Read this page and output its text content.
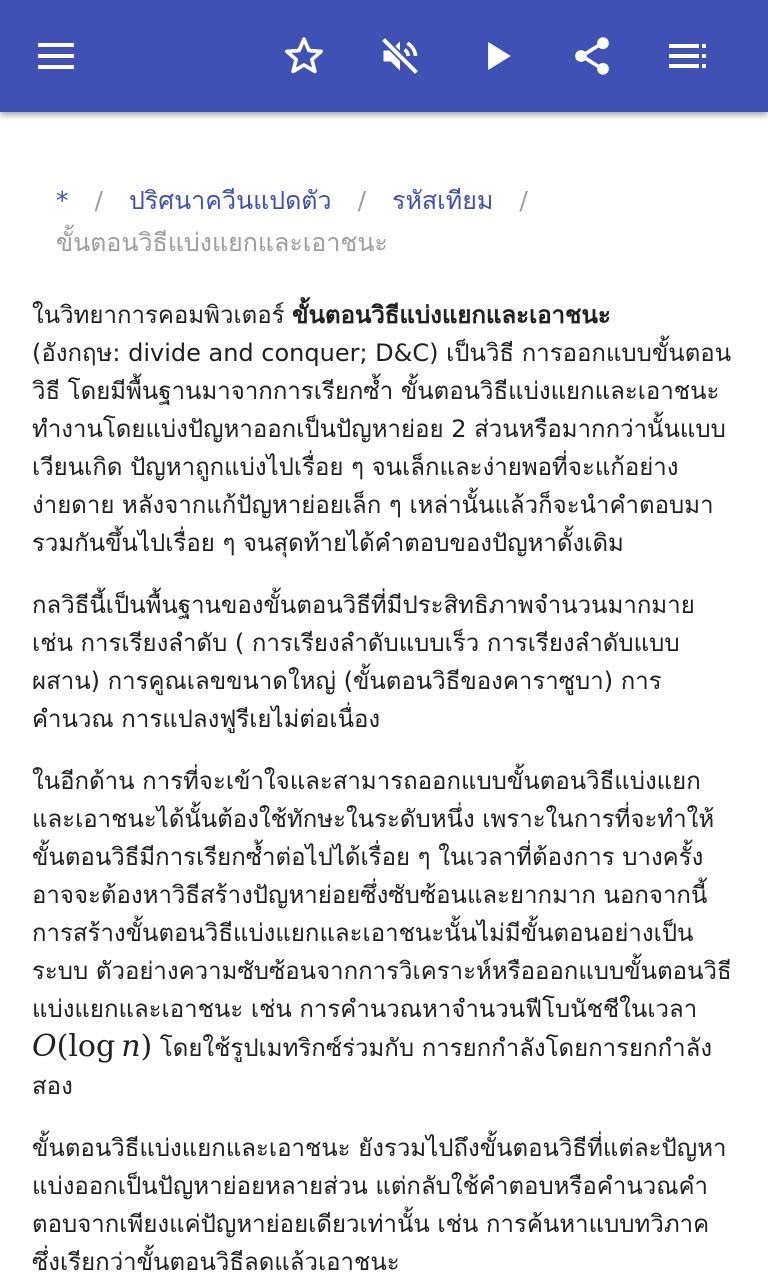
* / ปริศนาควีนแปดตัว / รหัสเทียม /
ขั้นตอนวิธีแบ่งแยกและเอาชนะ

ในวิทยาการคอมพิวเตอร์ ขั้นตอนวิธีแบ่งแยกและเอาชนะ
(อังกฤษ: divide and conquer; D&C) เป็นวิธี การออกแบบขั้นตอนวิธี โดยมีพื้นฐานมาจากการเรียกซ้ำ ขั้นตอนวิธีแบ่งแยกและเอาชนะทำงานโดยแบ่งปัญหาออกเป็นปัญหาย่อย 2 ส่วนหรือมากกว่านั้นแบบเวียนเกิด ปัญหาถูกแบ่งไปเรื่อย ๆ จนเล็กและง่ายพอที่จะแก้อย่างง่ายดาย หลังจากแก้ปัญหาย่อยเล็ก ๆ เหล่านั้นแล้วก็จะนำคำตอบมารวมกันขึ้นไปเรื่อย ๆ จนสุดท้ายได้คำตอบของปัญหาดั้งเดิม

กลวิธีนี้เป็นพื้นฐานของขั้นตอนวิธีที่มีประสิทธิภาพจำนวนมากมาย เช่น การเรียงลำดับ ( การเรียงลำดับแบบเร็ว การเรียงลำดับแบบผสาน) การคูณเลขขนาดใหญ่ (ขั้นตอนวิธีของคาราซูบา) การคำนวณ การแปลงฟูรีเยไม่ต่อเนื่อง

ในอีกด้าน การที่จะเข้าใจและสามารถออกแบบขั้นตอนวิธีแบ่งแยกและเอาชนะได้นั้นต้องใช้ทักษะในระดับหนึ่ง เพราะในการที่จะทำให้ขั้นตอนวิธีมีการเรียกซ้ำต่อไปได้เรื่อย ๆ ในเวลาที่ต้องการ บางครั้งอาจจะต้องหาวิธีสร้างปัญหาย่อยซึ่งซับซ้อนและยากมาก นอกจากนี้การสร้างขั้นตอนวิธีแบ่งแยกและเอาชนะนั้นไม่มีขั้นตอนอย่างเป็นระบบ ตัวอย่างความซับซ้อนจากการวิเคราะห์หรือออกแบบขั้นตอนวิธีแบ่งแยกและเอาชนะ เช่น การคำนวณหาจำนวนฟีโบนัชชีในเวลา O(log  n) โดยใช้รูปเมทริกซ์ร่วมกับ การยกกำลังโดยการยกกำลังสอง

ขั้นตอนวิธีแบ่งแยกและเอาชนะ ยังรวมไปถึงขั้นตอนวิธีที่แต่ละปัญหาแบ่งออกเป็นปัญหาย่อยหลายส่วน แต่กลับใช้คำตอบหรือคำนวณคำตอบจากเพียงแค่ปัญหาย่อยเดียวเท่านั้น เช่น การค้นหาแบบทวิภาค ซึ่งเรียกว่าขั้นตอนวิธีลดแล้วเอาชนะ
